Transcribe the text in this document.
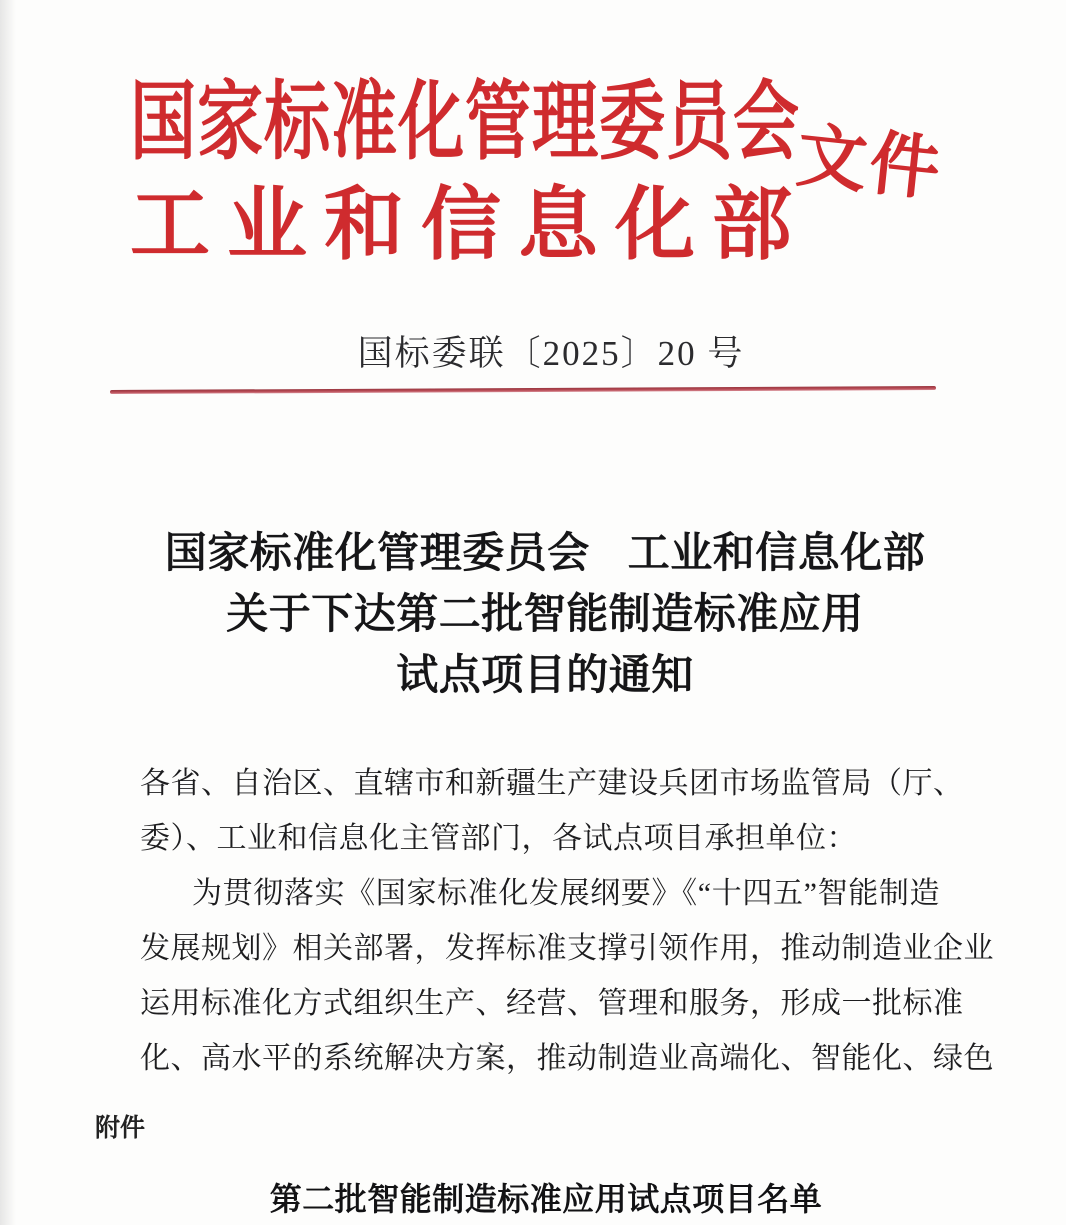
国家标准化管理委员会
工业和信息化部
文件
国标委联〔2025〕20 号
国家标准化管理委员会 工业和信息化部
关于下达第二批智能制造标准应用
试点项目的通知
各省、自治区、直辖市和新疆生产建设兵团市场监管局（厅、
委）、工业和信息化主管部门，各试点项目承担单位：
为贯彻落实《国家标准化发展纲要》《“十四五”智能制造
发展规划》相关部署，发挥标准支撑引领作用，推动制造业企业
运用标准化方式组织生产、经营、管理和服务，形成一批标准
化、高水平的系统解决方案，推动制造业高端化、智能化、绿色
附件
第二批智能制造标准应用试点项目名单
